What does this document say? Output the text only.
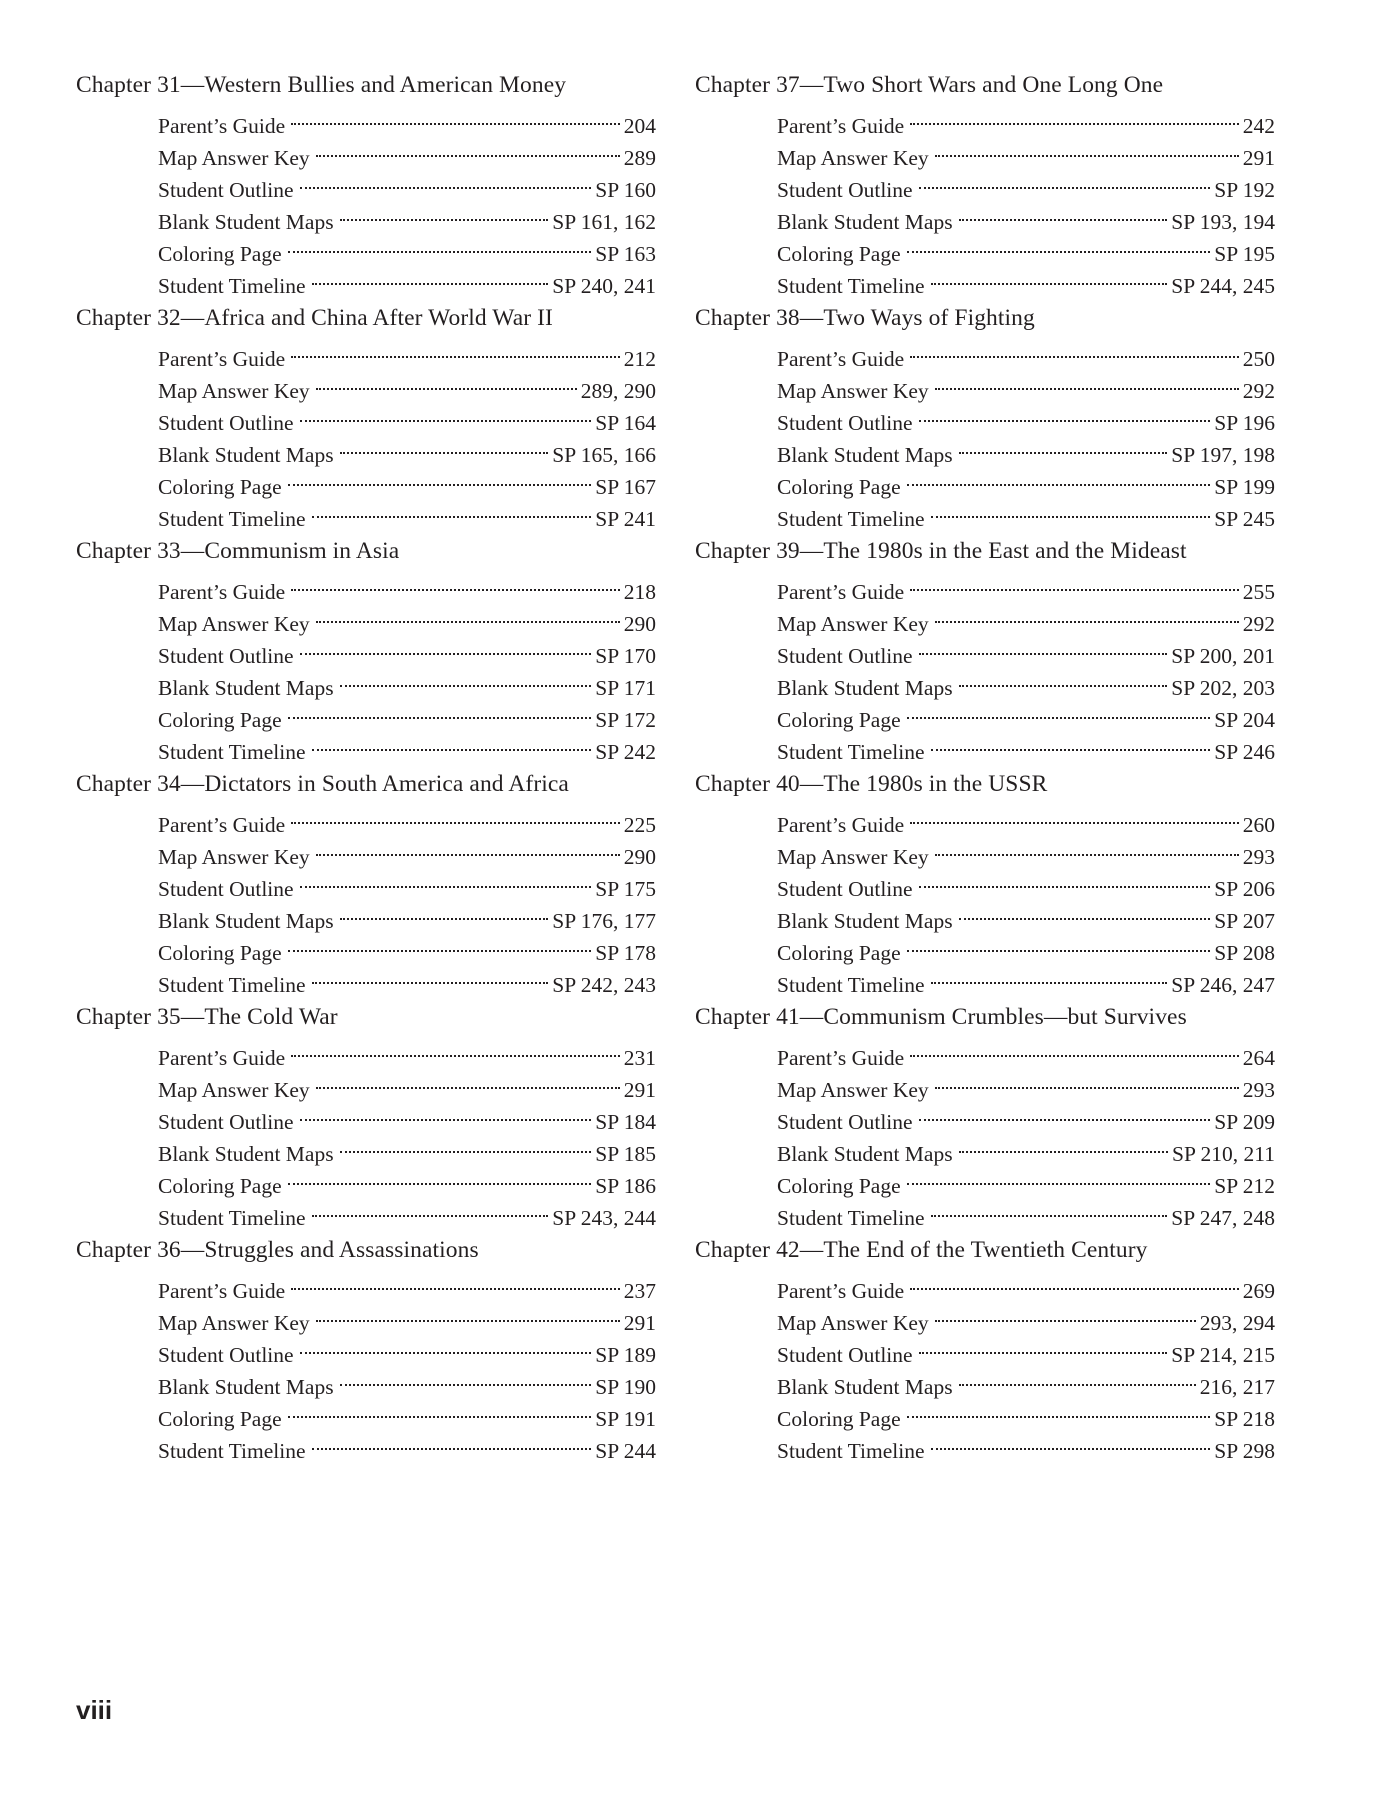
Chapter 31—Western Bullies and American Money
Parent’s Guide	204
Map Answer Key	289
Student Outline	SP 160
Blank Student Maps	SP 161, 162
Coloring Page	SP 163
Student Timeline	SP 240, 241
Chapter 32—Africa and China After World War II
Parent’s Guide	212
Map Answer Key	289, 290
Student Outline	SP 164
Blank Student Maps	SP 165, 166
Coloring Page	SP 167
Student Timeline	SP 241
Chapter 33—Communism in Asia
Parent’s Guide	218
Map Answer Key	290
Student Outline	SP 170
Blank Student Maps	SP 171
Coloring Page	SP 172
Student Timeline	SP 242
Chapter 34—Dictators in South America and Africa
Parent’s Guide	225
Map Answer Key	290
Student Outline	SP 175
Blank Student Maps	SP 176, 177
Coloring Page	SP 178
Student Timeline	SP 242, 243
Chapter 35—The Cold War
Parent’s Guide	231
Map Answer Key	291
Student Outline	SP 184
Blank Student Maps	SP 185
Coloring Page	SP 186
Student Timeline	SP 243, 244
Chapter 36—Struggles and Assassinations
Parent’s Guide	237
Map Answer Key	291
Student Outline	SP 189
Blank Student Maps	SP 190
Coloring Page	SP 191
Student Timeline	SP 244
Chapter 37—Two Short Wars and One Long One
Parent’s Guide	242
Map Answer Key	291
Student Outline	SP 192
Blank Student Maps	SP 193, 194
Coloring Page	SP 195
Student Timeline	SP 244, 245
Chapter 38—Two Ways of Fighting
Parent’s Guide	250
Map Answer Key	292
Student Outline	SP 196
Blank Student Maps	SP 197, 198
Coloring Page	SP 199
Student Timeline	SP 245
Chapter 39—The 1980s in the East and the Mideast
Parent’s Guide	255
Map Answer Key	292
Student Outline	SP 200, 201
Blank Student Maps	SP 202, 203
Coloring Page	SP 204
Student Timeline	SP 246
Chapter 40—The 1980s in the USSR
Parent’s Guide	260
Map Answer Key	293
Student Outline	SP 206
Blank Student Maps	SP 207
Coloring Page	SP 208
Student Timeline	SP 246, 247
Chapter 41—Communism Crumbles—but Survives
Parent’s Guide	264
Map Answer Key	293
Student Outline	SP 209
Blank Student Maps	SP 210, 211
Coloring Page	SP 212
Student Timeline	SP 247, 248
Chapter 42—The End of the Twentieth Century
Parent’s Guide	269
Map Answer Key	293, 294
Student Outline	SP 214, 215
Blank Student Maps	216, 217
Coloring Page	SP 218
Student Timeline	SP 298
viii
